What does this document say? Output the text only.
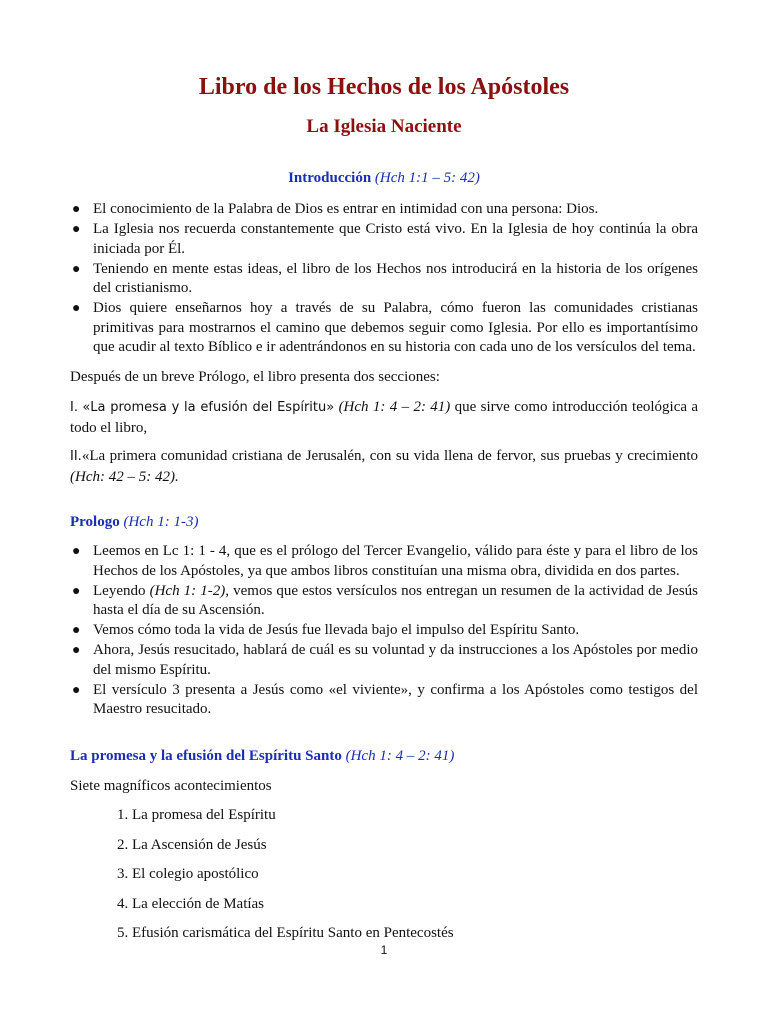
Libro de los Hechos de los Apóstoles
La Iglesia Naciente
Introducción (Hch 1:1 – 5: 42)
● El conocimiento de la Palabra de Dios es entrar en intimidad con una persona: Dios.
● La Iglesia nos recuerda constantemente que Cristo está vivo. En la Iglesia de hoy continúa la obra iniciada por Él.
● Teniendo en mente estas ideas, el libro de los Hechos nos introducirá en la historia de los orígenes del cristianismo.
● Dios quiere enseñarnos hoy a través de su Palabra, cómo fueron las comunidades cristianas primitivas para mostrarnos el camino que debemos seguir como Iglesia. Por ello es importantísimo que acudir al texto Bíblico e ir adentrándonos en su historia con cada uno de los versículos del tema.
Después de un breve Prólogo, el libro presenta dos secciones:
I. «La promesa y la efusión del Espíritu» (Hch 1: 4 – 2: 41) que sirve como introducción teológica a todo el libro,
II.«La primera comunidad cristiana de Jerusalén, con su vida llena de fervor, sus pruebas y crecimiento (Hch: 42 – 5: 42).
Prologo (Hch 1: 1-3)
● Leemos en Lc 1: 1 - 4, que es el prólogo del Tercer Evangelio, válido para éste y para el libro de los Hechos de los Apóstoles, ya que ambos libros constituían una misma obra, dividida en dos partes.
● Leyendo (Hch 1: 1-2), vemos que estos versículos nos entregan un resumen de la actividad de Jesús hasta el día de su Ascensión.
● Vemos cómo toda la vida de Jesús fue llevada bajo el impulso del Espíritu Santo.
● Ahora, Jesús resucitado, hablará de cuál es su voluntad y da instrucciones a los Apóstoles por medio del mismo Espíritu.
● El versículo 3 presenta a Jesús como «el viviente», y confirma a los Apóstoles como testigos del Maestro resucitado.
La promesa y la efusión del Espíritu Santo (Hch 1: 4 – 2: 41)
Siete magníficos acontecimientos
1. La promesa del Espíritu
2. La Ascensión de Jesús
3. El colegio apostólico
4. La elección de Matías
5. Efusión carismática del Espíritu Santo en Pentecostés
1
